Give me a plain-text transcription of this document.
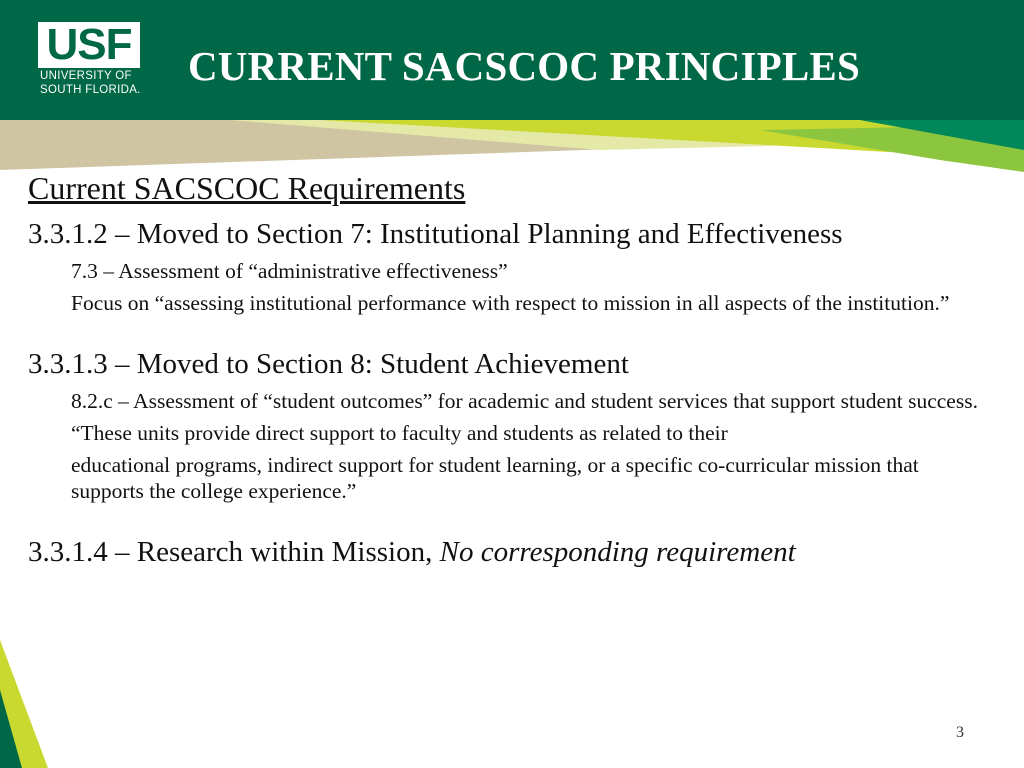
USF
UNIVERSITY OF
SOUTH FLORIDA.
CURRENT SACSCOC PRINCIPLES
Current SACSCOC Requirements

3.3.1.2 – Moved to Section 7: Institutional Planning and Effectiveness

7.3 – Assessment of “administrative effectiveness”

Focus on “assessing institutional performance with respect to mission in all aspects of the institution.”

3.3.1.3 – Moved to Section 8: Student Achievement

8.2.c – Assessment of “student outcomes” for academic and student services that support student success.

“These units provide direct support to faculty and students as related to their

educational programs, indirect support for student learning, or a specific co-curricular mission that supports the college experience.”

3.3.1.4 – Research within Mission, No corresponding requirement

3
